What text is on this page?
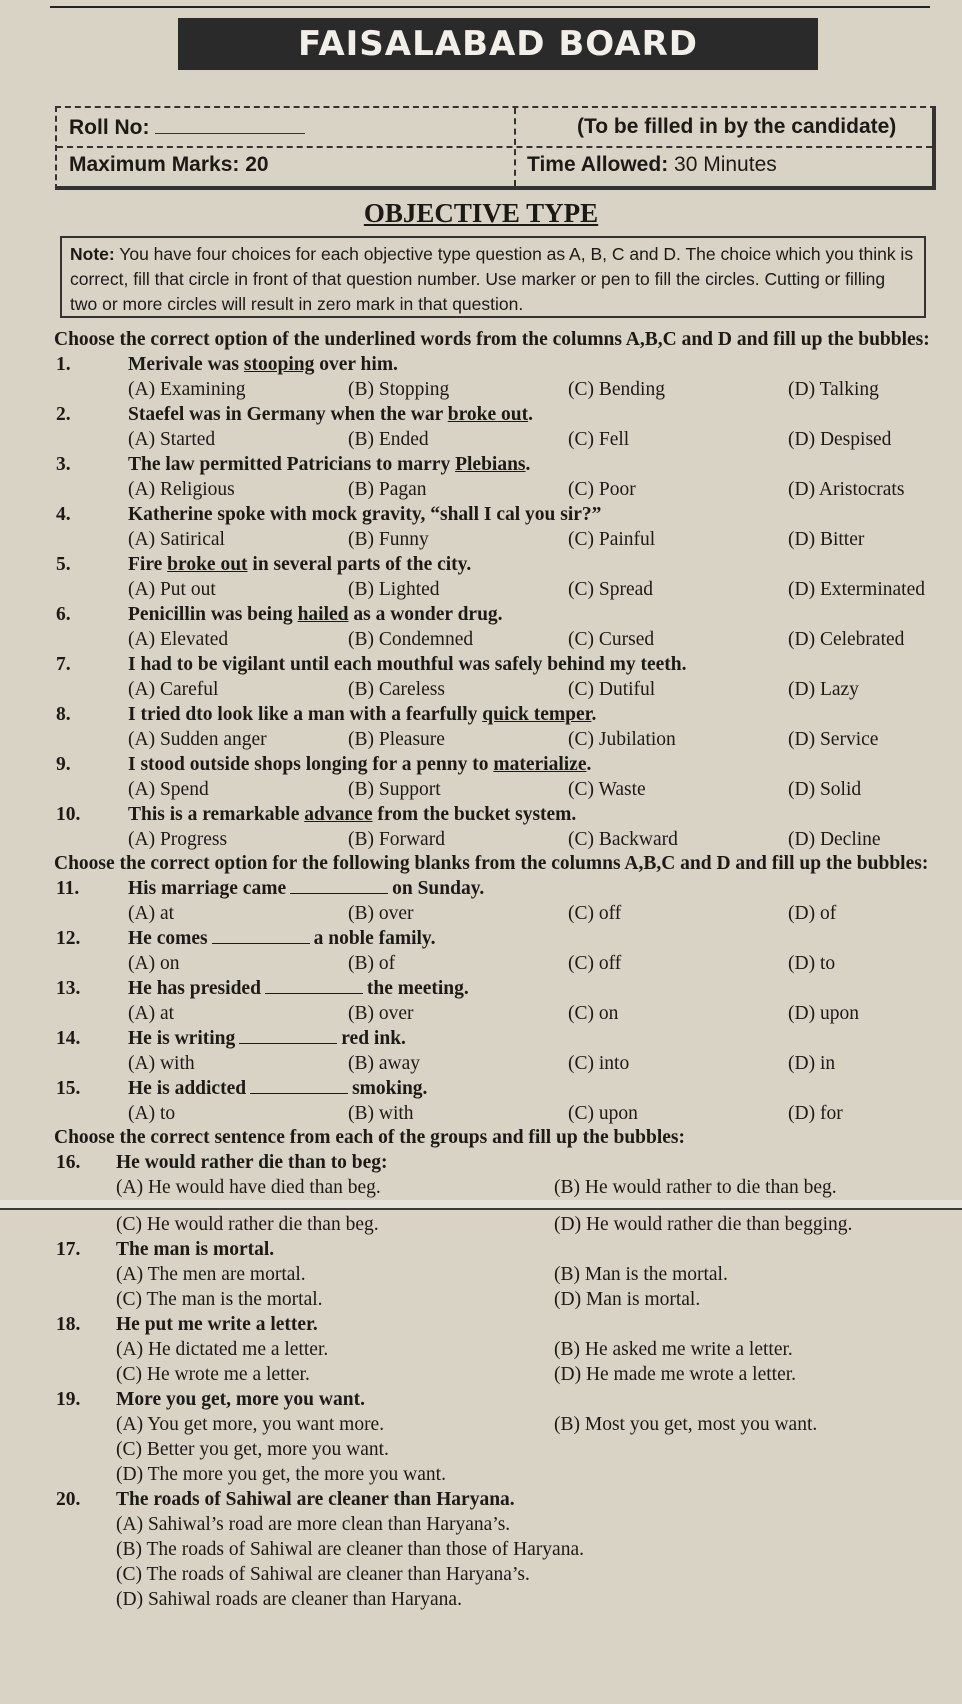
FAISALABAD BOARD
Roll No:	(To be filled in by the candidate)
Maximum Marks: 20	Time Allowed: 30 Minutes
OBJECTIVE TYPE
Note: You have four choices for each objective type question as A, B, C and D. The choice which you think is correct, fill that circle in front of that question number. Use marker or pen to fill the circles. Cutting or filling two or more circles will result in zero mark in that question.

Choose the correct option of the underlined words from the columns A,B,C and D and fill up the bubbles:

1.	Merivale was stooping over him.
(A) Examining	(B) Stopping	(C) Bending	(D) Talking
2.	Staefel was in Germany when the war broke out.
(A) Started	(B) Ended	(C) Fell	(D) Despised
3.	The law permitted Patricians to marry Plebians.
(A) Religious	(B) Pagan	(C) Poor	(D) Aristocrats
4.	Katherine spoke with mock gravity, “shall I cal you sir?”
(A) Satirical	(B) Funny	(C) Painful	(D) Bitter
5.	Fire broke out in several parts of the city.
(A) Put out	(B) Lighted	(C) Spread	(D) Exterminated
6.	Penicillin was being hailed as a wonder drug.
(A) Elevated	(B) Condemned	(C) Cursed	(D) Celebrated
7.	I had to be vigilant until each mouthful was safely behind my teeth.
(A) Careful	(B) Careless	(C) Dutiful	(D) Lazy
8.	I tried dto look like a man with a fearfully quick temper.
(A) Sudden anger	(B) Pleasure	(C) Jubilation	(D) Service
9.	I stood outside shops longing for a penny to materialize.
(A) Spend	(B) Support	(C) Waste	(D) Solid
10. This is a remarkable advance from the bucket system.
(A) Progress	(B) Forward	(C) Backward	(D) Decline

Choose the correct option for the following blanks from the columns A,B,C and D and fill up the bubbles:

11. His marriage came	on Sunday.
(A) at	(B) over	(C) off	(D) of
12. He comes	a noble family.
(A) on	(B) of	(C) off	(D) to
13. He has presided	the meeting.
(A) at	(B) over	(C) on	(D) upon
14. He is writing	red ink.
(A) with	(B) away	(C) into	(D) in
15. He is addicted	smoking.
(A) to	(B) with	(C) upon	(D) for

Choose the correct sentence from each of the groups and fill up the bubbles:

16. He would rather die than to beg:
(A) He would have died than beg.	(B) He would rather to die than beg.
(C) He would rather die than beg.	(D) He would rather die than begging.
17. The man is mortal.
(A) The men are mortal.	(B) Man is the mortal.
(C) The man is the mortal.	(D) Man is mortal.
18. He put me write a letter.
(A) He dictated me a letter.	(B) He asked me write a letter.
(C) He wrote me a letter.	(D) He made me wrote a letter.
19. More you get, more you want.
(A) You get more, you want more.	(B) Most you get, most you want.
(C) Better you get, more you want.
(D) The more you get, the more you want.
20. The roads of Sahiwal are cleaner than Haryana.
(A) Sahiwal’s road are more clean than Haryana’s.
(B) The roads of Sahiwal are cleaner than those of Haryana.
(C) The roads of Sahiwal are cleaner than Haryana’s.
(D) Sahiwal roads are cleaner than Haryana.
